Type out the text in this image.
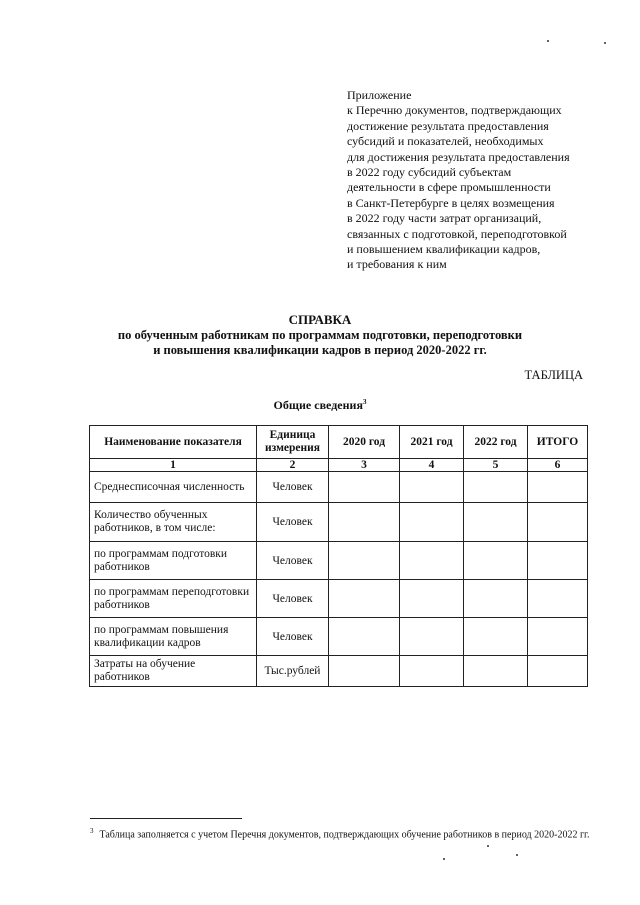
Приложение
к Перечню документов, подтверждающих
достижение результата предоставления
субсидий и показателей, необходимых
для достижения результата предоставления
в 2022 году субсидий субъектам
деятельности в сфере промышленности
в Санкт-Петербурге в целях возмещения
в 2022 году части затрат организаций,
связанных с подготовкой, переподготовкой
и повышением квалификации кадров,
и требования к ним
СПРАВКА
по обученным работникам по программам подготовки, переподготовки
и повышения квалификации кадров в период 2020-2022 гг.
ТАБЛИЦА
Общие сведения$^3$
Наименование показателя	Единица измерения	2020 год	2021 год	2022 год	ИТОГО
1	2	3	4	5	6
Среднесписочная численность	Человек				
Количество обученных работников, в том числе:	Человек				
по программам подготовки работников	Человек				
по программам переподготовки работников	Человек				
по программам повышения квалификации кадров	Человек				
Затраты на обучение работников	Тыс.рублей				
$^3$ Таблица заполняется с учетом Перечня документов, подтверждающих обучение работников в период 2020-2022 гг.
